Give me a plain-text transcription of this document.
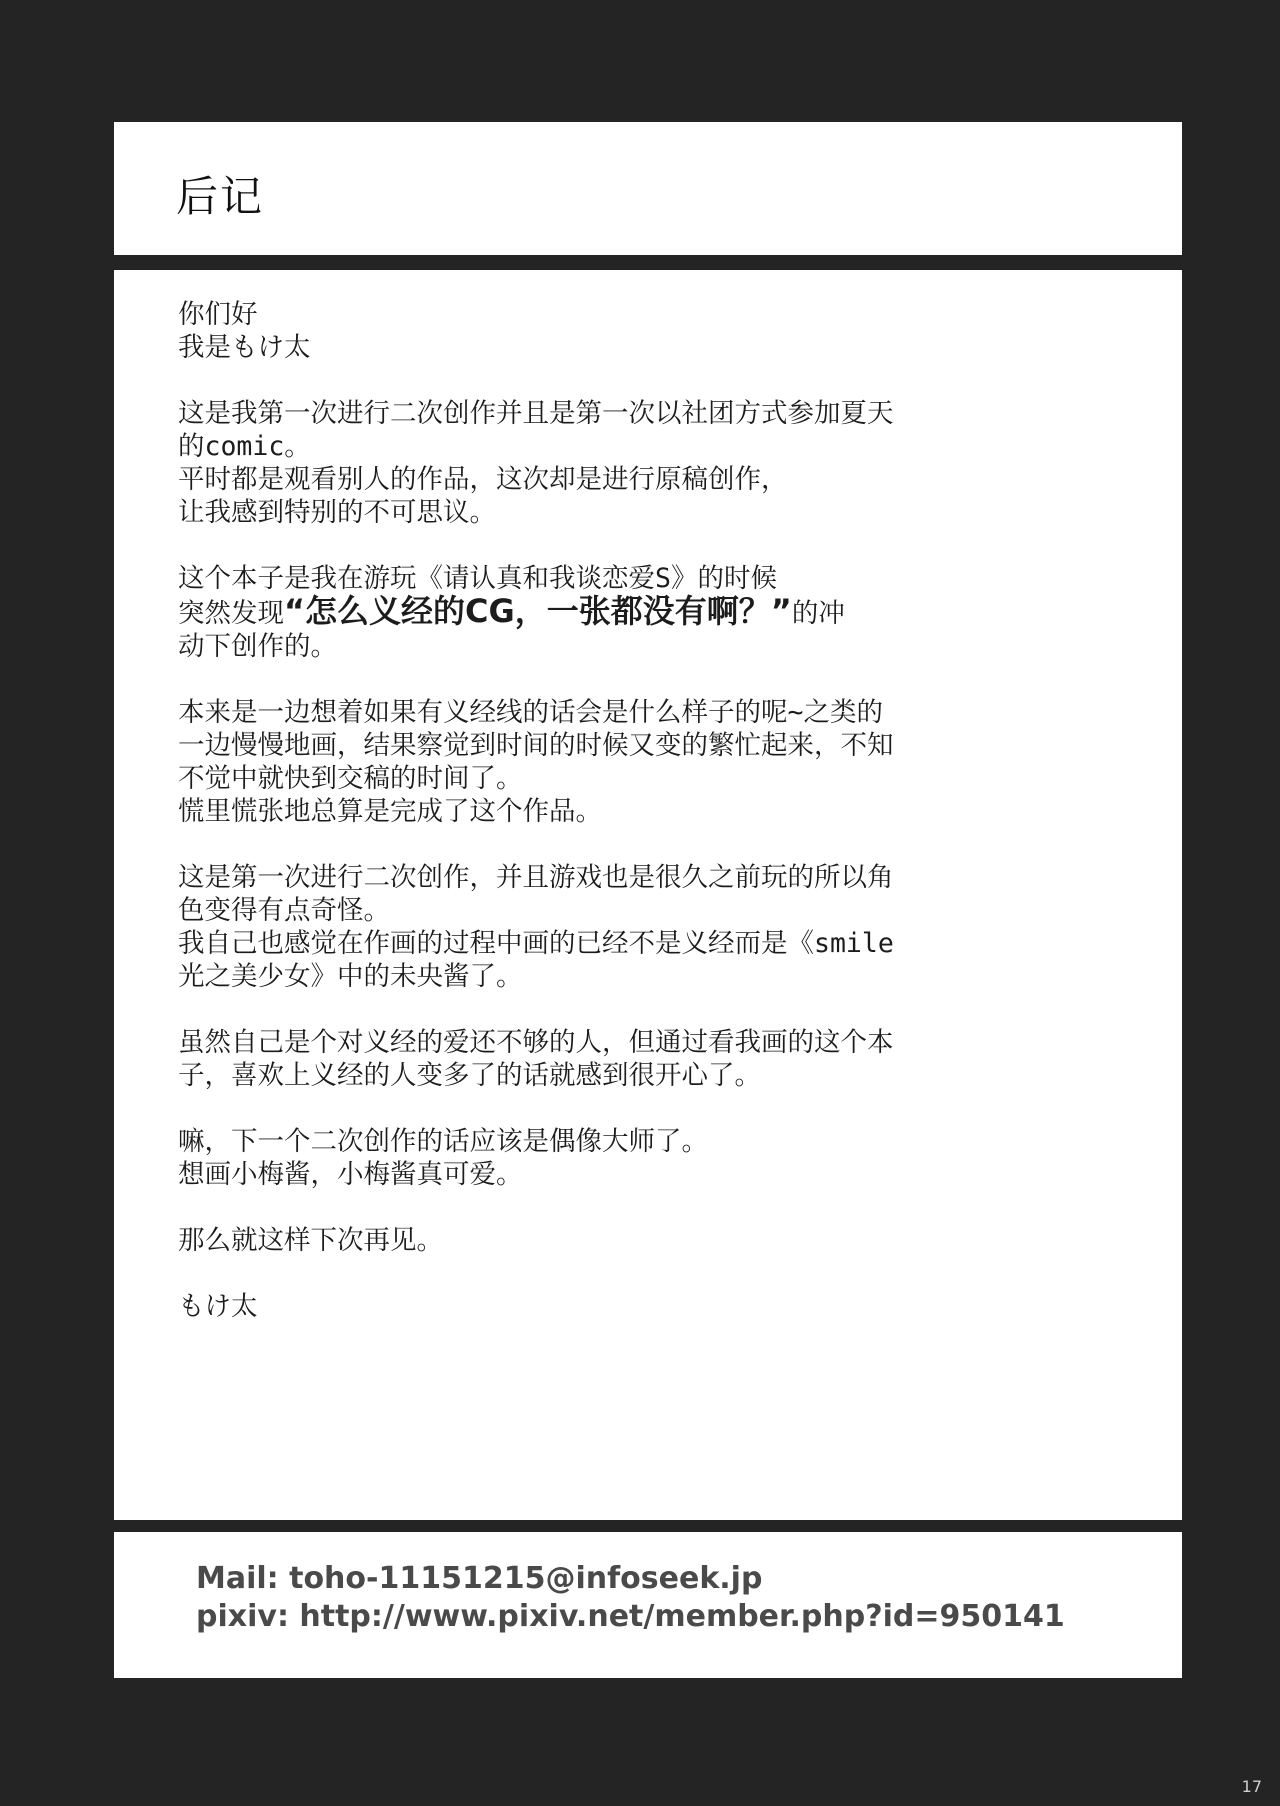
后记
你们好
我是もけ太
这是我第一次进行二次创作并且是第一次以社团方式参加夏天
的comic。
平时都是观看别人的作品，这次却是进行原稿创作，
让我感到特别的不可思议。
这个本子是我在游玩《请认真和我谈恋爱S》的时候
突然发现“怎么义经的CG，一张都没有啊？”的冲
动下创作的。
本来是一边想着如果有义经线的话会是什么样子的呢~之类的
一边慢慢地画，结果察觉到时间的时候又变的繁忙起来，不知
不觉中就快到交稿的时间了。
慌里慌张地总算是完成了这个作品。
这是第一次进行二次创作，并且游戏也是很久之前玩的所以角
色变得有点奇怪。
我自己也感觉在作画的过程中画的已经不是义经而是《smile
光之美少女》中的未央酱了。
虽然自己是个对义经的爱还不够的人，但通过看我画的这个本
子，喜欢上义经的人变多了的话就感到很开心了。
嘛，下一个二次创作的话应该是偶像大师了。
想画小梅酱，小梅酱真可爱。
那么就这样下次再见。
もけ太
Mail: toho-11151215@infoseek.jp
pixiv: http://www.pixiv.net/member.php?id=950141
17
